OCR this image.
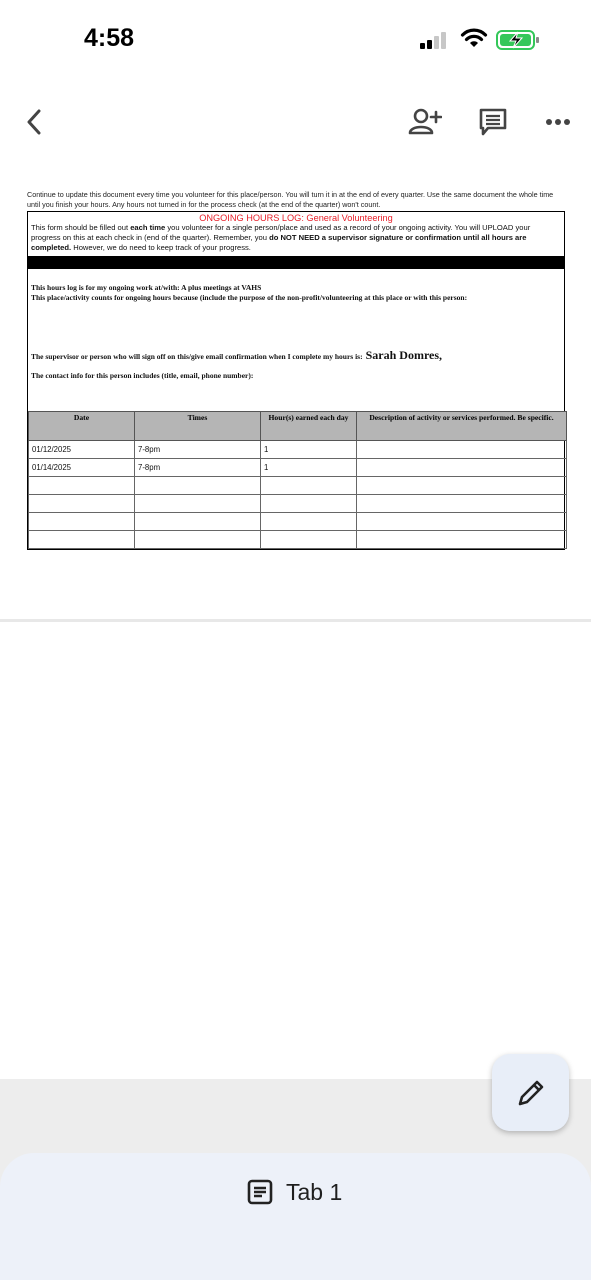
4:58
Continue to update this document every time you volunteer for this place/person. You will turn it in at the end of every quarter. Use the same document the whole time until you finish your hours. Any hours not turned in for the process check (at the end of the quarter) won't count.
ONGOING HOURS LOG: General Volunteering
This form should be filled out each time you volunteer for a single person/place and used as a record of your ongoing activity. You will UPLOAD your progress on this at each check in (end of the quarter). Remember, you do NOT NEED a supervisor signature or confirmation until all hours are completed. However, we do need to keep track of your progress.
This hours log is for my ongoing work at/with: A plus meetings at VAHS
This place/activity counts for ongoing hours because (include the purpose of the non-profit/volunteering at this place or with this person:
The supervisor or person who will sign off on this/give email confirmation when I complete my hours is: Sarah Domres,
The contact info for this person includes (title, email, phone number):
Date	Times	Hour(s) earned each day	Description of activity or services performed. Be specific.
01/12/2025	7-8pm	1	
01/14/2025	7-8pm	1	

Tab 1
